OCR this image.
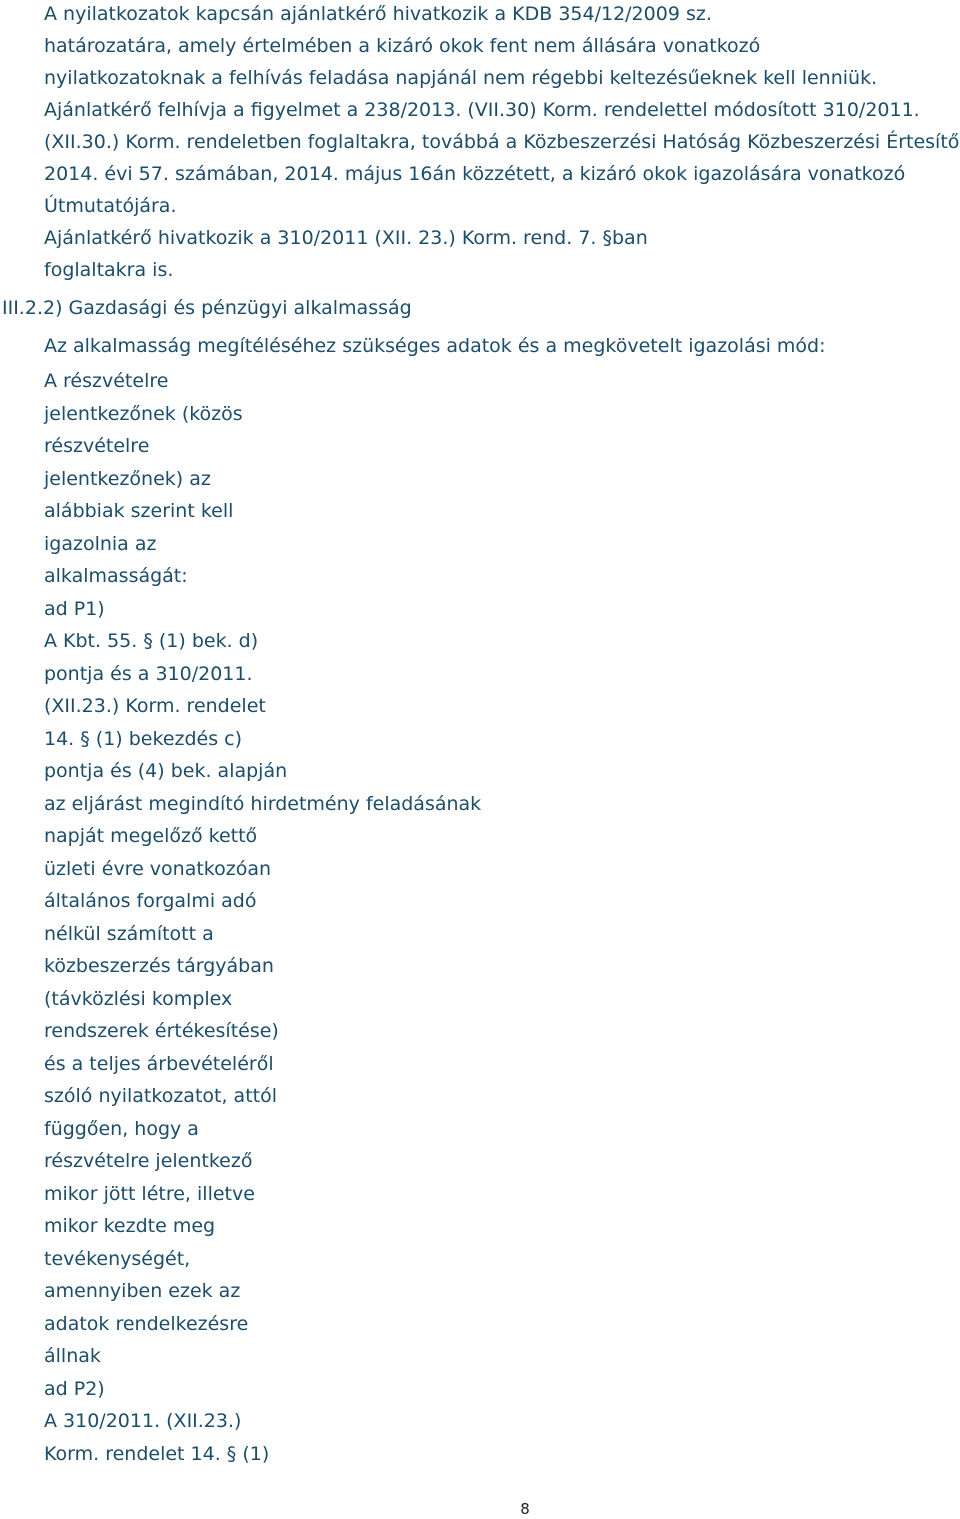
A nyilatkozatok kapcsán ajánlatkérő hivatkozik a KDB 354/12/2009 sz.

határozatára, amely értelmében a kizáró okok fent nem állására vonatkozó

nyilatkozatoknak a felhívás feladása napjánál nem régebbi keltezésűeknek kell lenniük.

Ajánlatkérő felhívja a figyelmet a 238/2013. (VII.30) Korm. rendelettel módosított 310/2011.

(XII.30.) Korm. rendeletben foglaltakra, továbbá a Közbeszerzési Hatóság Közbeszerzési Értesítő

2014. évi 57. számában, 2014. május 16án közzétett, a kizáró okok igazolására vonatkozó

Útmutatójára.

Ajánlatkérő hivatkozik a 310/2011 (XII. 23.) Korm. rend. 7. §ban

foglaltakra is.

III.2.2) Gazdasági és pénzügyi alkalmasság

Az alkalmasság megítéléséhez szükséges adatok és a megkövetelt igazolási mód:

A részvételre

jelentkezőnek (közös

részvételre

jelentkezőnek) az

alábbiak szerint kell

igazolnia az

alkalmasságát:

ad P1)

A Kbt. 55. § (1) bek. d)

pontja és a 310/2011.

(XII.23.) Korm. rendelet

14. § (1) bekezdés c)

pontja és (4) bek. alapján

az eljárást megindító hirdetmény feladásának

napját megelőző kettő

üzleti évre vonatkozóan

általános forgalmi adó

nélkül számított a

közbeszerzés tárgyában

(távközlési komplex

rendszerek értékesítése)

és a teljes árbevételéről

szóló nyilatkozatot, attól

függően, hogy a

részvételre jelentkező

mikor jött létre, illetve

mikor kezdte meg

tevékenységét,

amennyiben ezek az

adatok rendelkezésre

állnak

ad P2)

A 310/2011. (XII.23.)

Korm. rendelet 14. § (1)

8
